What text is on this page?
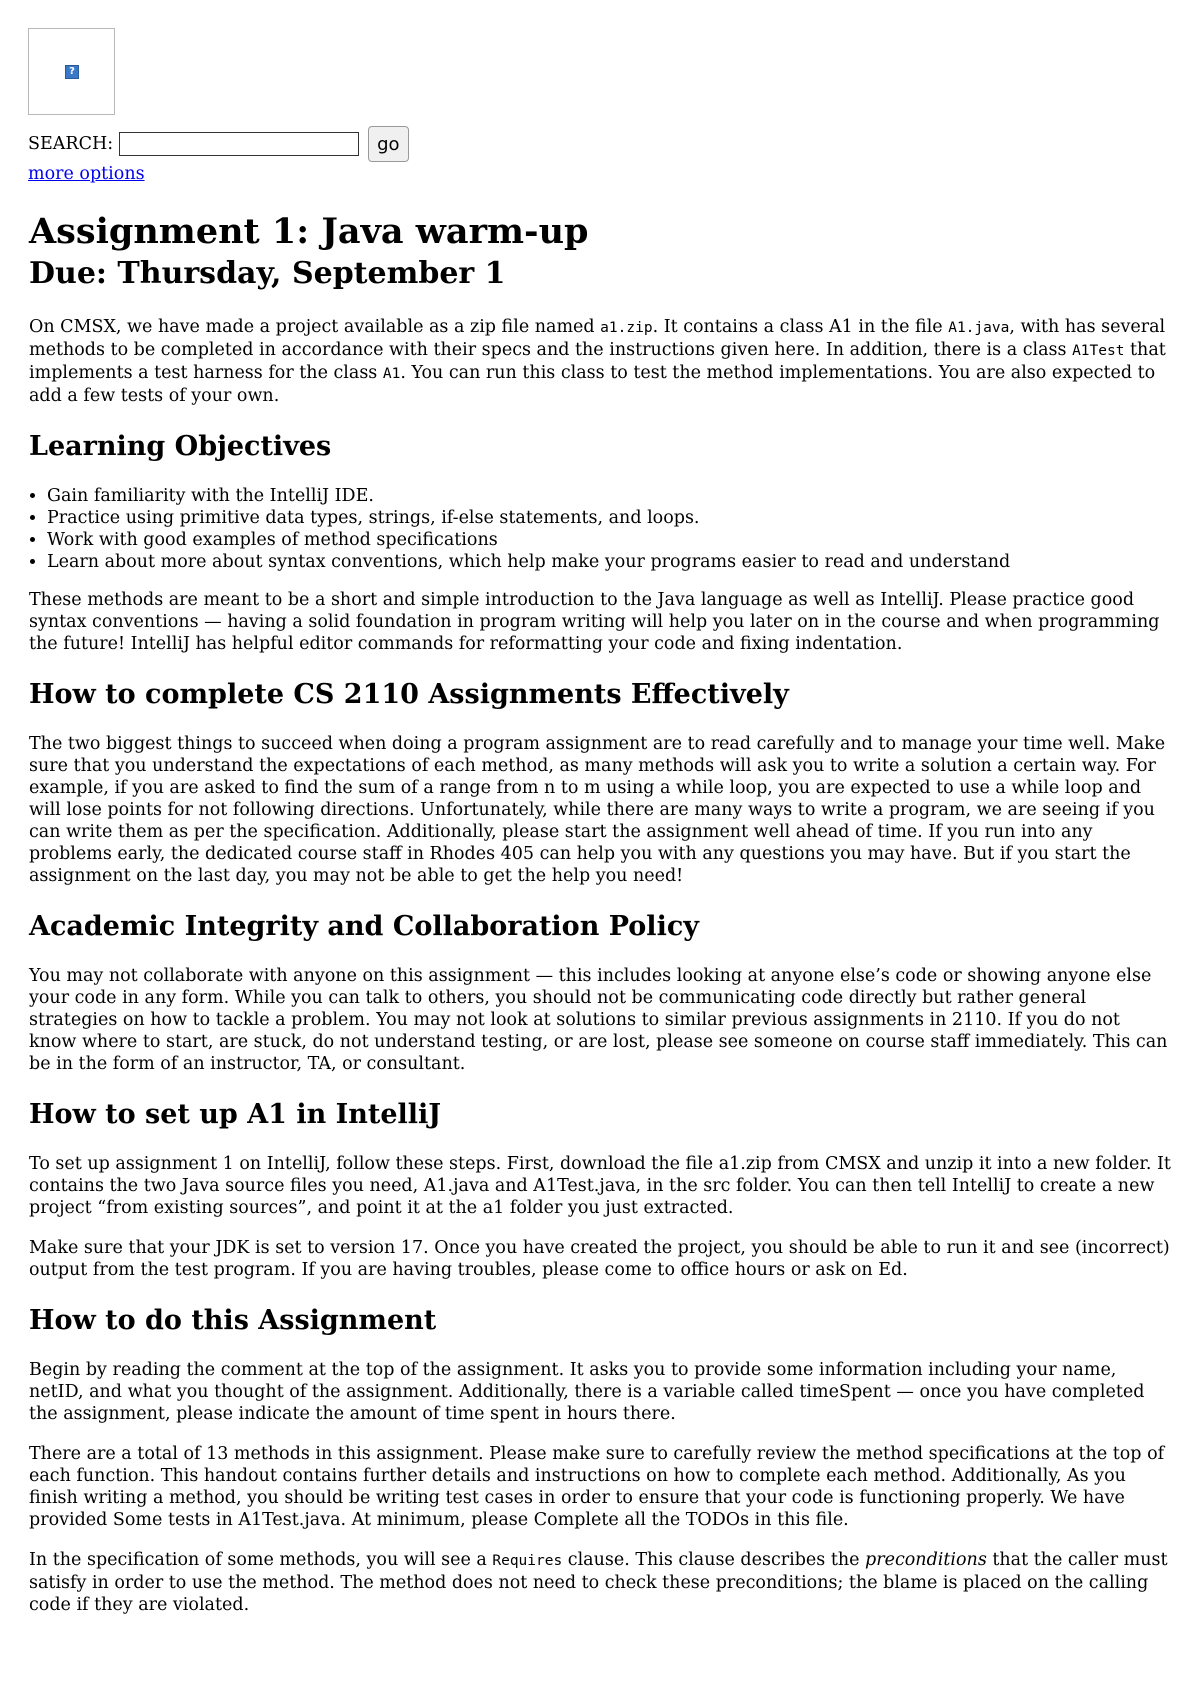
?
SEARCH:	go
more options
Assignment 1: Java warm-up
Due: Thursday, September 1

On CMSX, we have made a project available as a zip file named a1.zip. It contains a class A1 in the file A1.java, with has several methods to be completed in accordance with their specs and the instructions given here. In addition, there is a class A1Test that implements a test harness for the class A1. You can run this class to test the method implementations. You are also expected to add a few tests of your own.

Learning Objectives
• Gain familiarity with the IntelliJ IDE.
• Practice using primitive data types, strings, if-else statements, and loops.
• Work with good examples of method specifications
• Learn about more about syntax conventions, which help make your programs easier to read and understand

These methods are meant to be a short and simple introduction to the Java language as well as IntelliJ. Please practice good syntax conventions — having a solid foundation in program writing will help you later on in the course and when programming the future! IntelliJ has helpful editor commands for reformatting your code and fixing indentation.

How to complete CS 2110 Assignments Effectively

The two biggest things to succeed when doing a program assignment are to read carefully and to manage your time well. Make sure that you understand the expectations of each method, as many methods will ask you to write a solution a certain way. For example, if you are asked to find the sum of a range from n to m using a while loop, you are expected to use a while loop and will lose points for not following directions. Unfortunately, while there are many ways to write a program, we are seeing if you can write them as per the specification. Additionally, please start the assignment well ahead of time. If you run into any problems early, the dedicated course staff in Rhodes 405 can help you with any questions you may have. But if you start the assignment on the last day, you may not be able to get the help you need!

Academic Integrity and Collaboration Policy

You may not collaborate with anyone on this assignment — this includes looking at anyone else’s code or showing anyone else your code in any form. While you can talk to others, you should not be communicating code directly but rather general strategies on how to tackle a problem. You may not look at solutions to similar previous assignments in 2110. If you do not know where to start, are stuck, do not understand testing, or are lost, please see someone on course staff immediately. This can be in the form of an instructor, TA, or consultant.

How to set up A1 in IntelliJ

To set up assignment 1 on IntelliJ, follow these steps. First, download the file a1.zip from CMSX and unzip it into a new folder. It contains the two Java source files you need, A1.java and A1Test.java, in the src folder. You can then tell IntelliJ to create a new project “from existing sources”, and point it at the a1 folder you just extracted.

Make sure that your JDK is set to version 17. Once you have created the project, you should be able to run it and see (incorrect) output from the test program. If you are having troubles, please come to office hours or ask on Ed.

How to do this Assignment

Begin by reading the comment at the top of the assignment. It asks you to provide some information including your name, netID, and what you thought of the assignment. Additionally, there is a variable called timeSpent — once you have completed the assignment, please indicate the amount of time spent in hours there.

There are a total of 13 methods in this assignment. Please make sure to carefully review the method specifications at the top of each function. This handout contains further details and instructions on how to complete each method. Additionally, As you finish writing a method, you should be writing test cases in order to ensure that your code is functioning properly. We have provided Some tests in A1Test.java. At minimum, please Complete all the TODOs in this file.

In the specification of some methods, you will see a Requires clause. This clause describes the preconditions that the caller must satisfy in order to use the method. The method does not need to check these preconditions; the blame is placed on the calling code if they are violated.
